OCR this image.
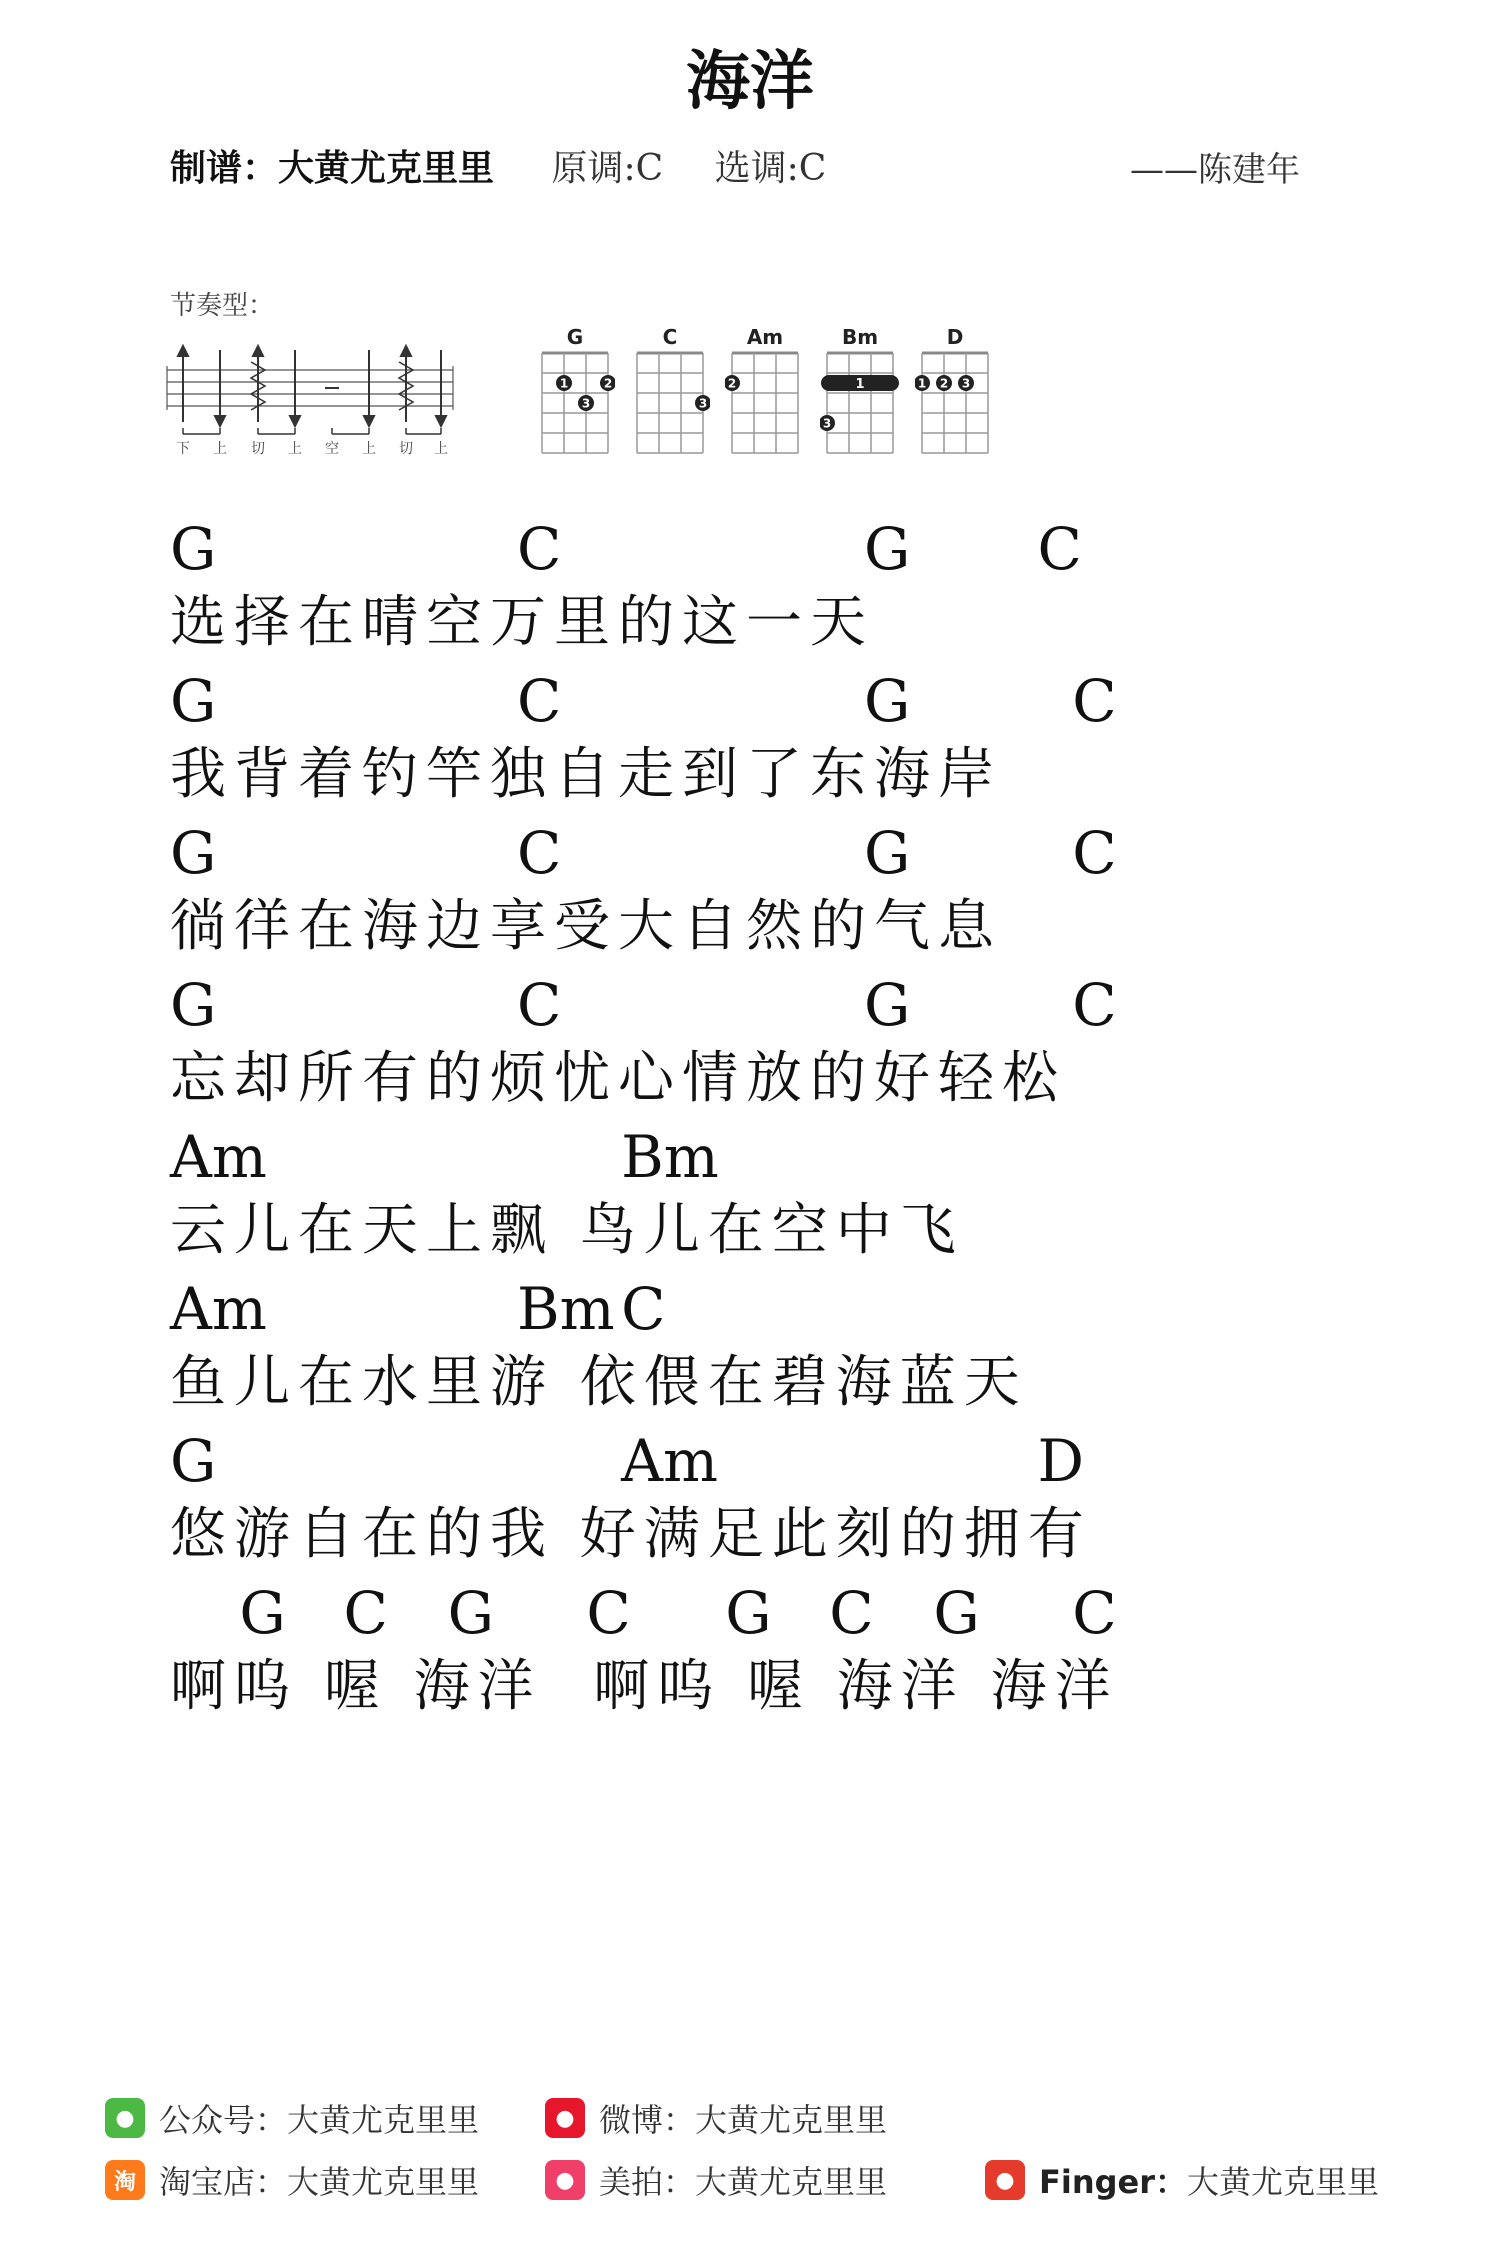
海洋
制谱：大黄尤克里里 原调:C 选调:C	——陈建年
节奏型：
下 上 切 上 空 上 切 上
G
1	2
3
C
3
Am
2
Bm
1
3
D
1 2 3
G	C	G C
选择在晴空万里的这一天
G	C	G	C
我背着钓竿独自走到了东海岸
G	C	G	C
徜徉在海边享受大自然的气息
G	C	G	C
忘却所有的烦忧心情放的好轻松
Am	Bm
云儿在天上飘 鸟儿在空中飞
Am	Bm C
鱼儿在水里游 依偎在碧海蓝天
G	Am	D
悠游自在的我 好满足此刻的拥有
G C G C G C G C
啊呜 喔 海洋  啊呜 喔 海洋 海洋
● 公众号： 大黄尤克里里	● 微博： 大黄尤克里里
淘 淘宝店： 大黄尤克里里	● 美拍： 大黄尤克里里	● Finger： 大黄尤克里里
